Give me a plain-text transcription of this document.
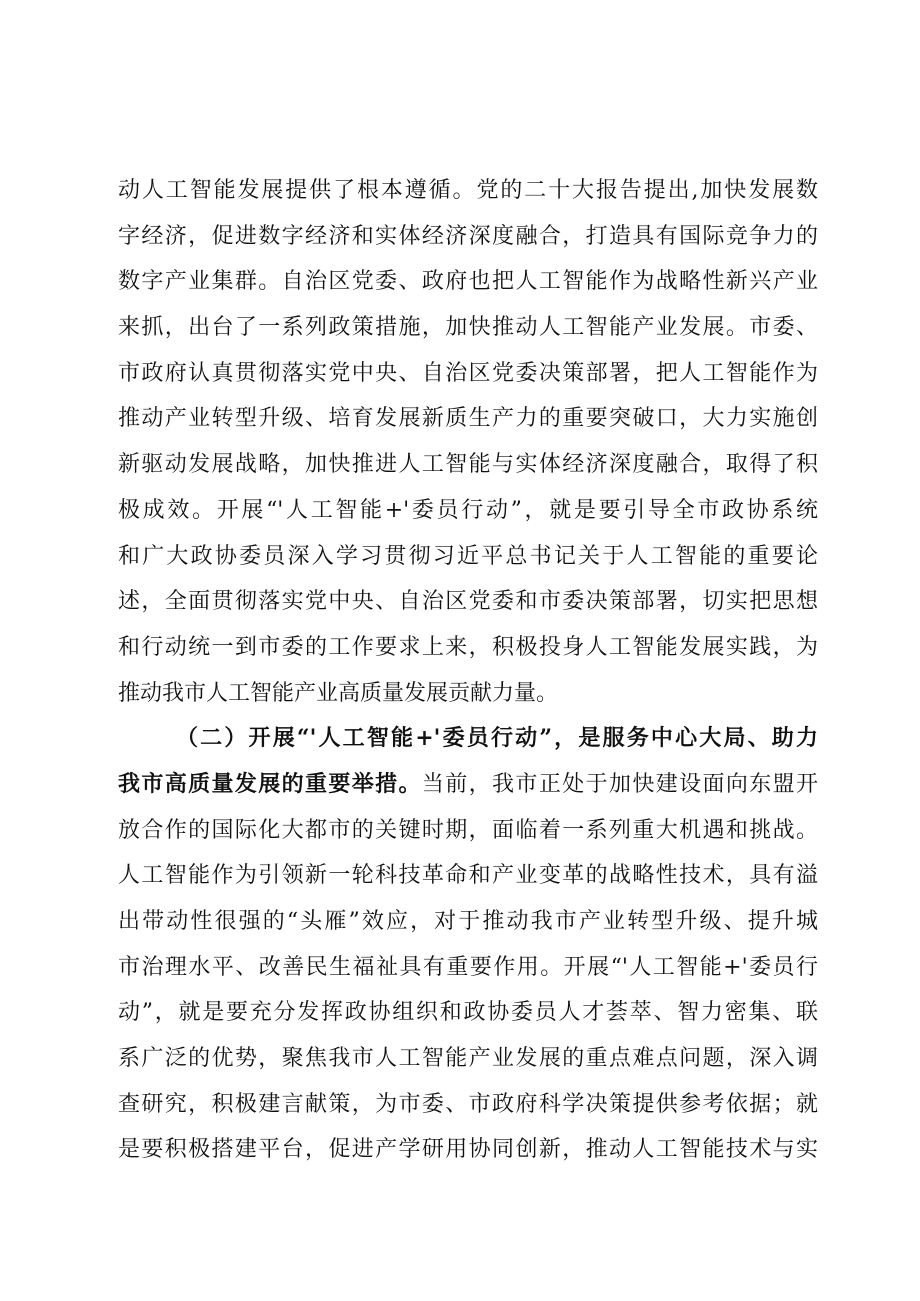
动人工智能发展提供了根本遵循。党的二十大报告提出,加快发展数
字经济，促进数字经济和实体经济深度融合，打造具有国际竞争力的
数字产业集群。自治区党委、政府也把人工智能作为战略性新兴产业
来抓，出台了一系列政策措施，加快推动人工智能产业发展。市委、
市政府认真贯彻落实党中央、自治区党委决策部署，把人工智能作为
推动产业转型升级、培育发展新质生产力的重要突破口，大力实施创
新驱动发展战略，加快推进人工智能与实体经济深度融合，取得了积
极成效。开展“'人工智能+'委员行动”，就是要引导全市政协系统
和广大政协委员深入学习贯彻习近平总书记关于人工智能的重要论
述，全面贯彻落实党中央、自治区党委和市委决策部署，切实把思想
和行动统一到市委的工作要求上来，积极投身人工智能发展实践，为
推动我市人工智能产业高质量发展贡献力量。
（二）开展“'人工智能+'委员行动”，是服务中心大局、助力
我市高质量发展的重要举措。当前，我市正处于加快建设面向东盟开
放合作的国际化大都市的关键时期，面临着一系列重大机遇和挑战。
人工智能作为引领新一轮科技革命和产业变革的战略性技术，具有溢
出带动性很强的“头雁”效应，对于推动我市产业转型升级、提升城
市治理水平、改善民生福祉具有重要作用。开展“'人工智能+'委员行
动”，就是要充分发挥政协组织和政协委员人才荟萃、智力密集、联
系广泛的优势，聚焦我市人工智能产业发展的重点难点问题，深入调
查研究，积极建言献策，为市委、市政府科学决策提供参考依据；就
是要积极搭建平台，促进产学研用协同创新，推动人工智能技术与实
